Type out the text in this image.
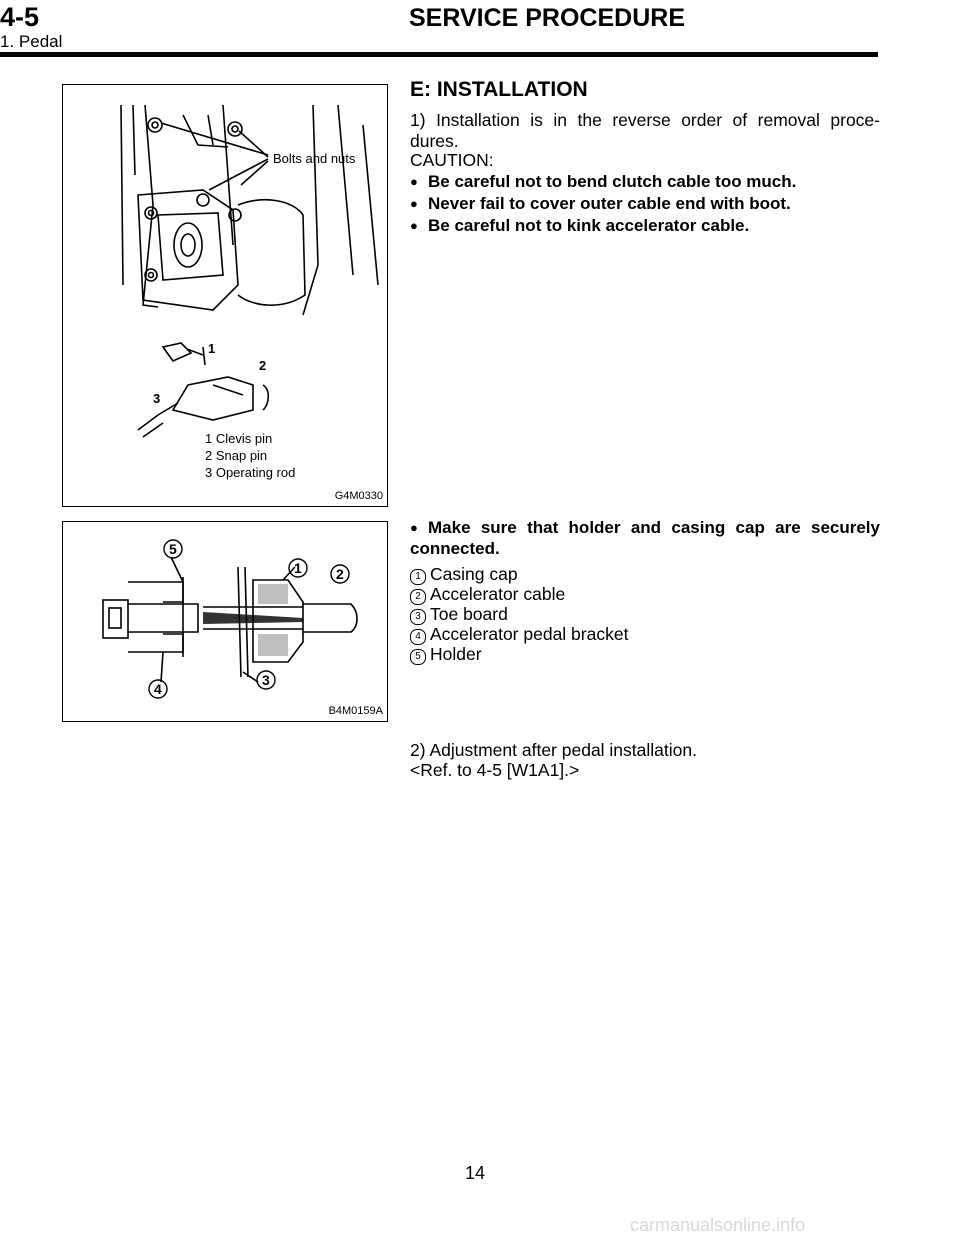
4-5	SERVICE PROCEDURE
1. Pedal
Bolts and nuts
1
2
3
1 Clevis pin
2 Snap pin
3 Operating rod
G4M0330
E: INSTALLATION
1) Installation is in the reverse order of removal proce- dures.
CAUTION:
● Be careful not to bend clutch cable too much.
● Never fail to cover outer cable end with boot.
● Be careful not to kink accelerator cable.
1 2
3
4
5
B4M0159A
● Make sure that holder and casing cap are securely connected.
1 Casing cap
2 Accelerator cable
3 Toe board
4 Accelerator pedal bracket
5 Holder
2) Adjustment after pedal installation.
<Ref. to 4-5 [W1A1].>
14
carmanualsonline.info
